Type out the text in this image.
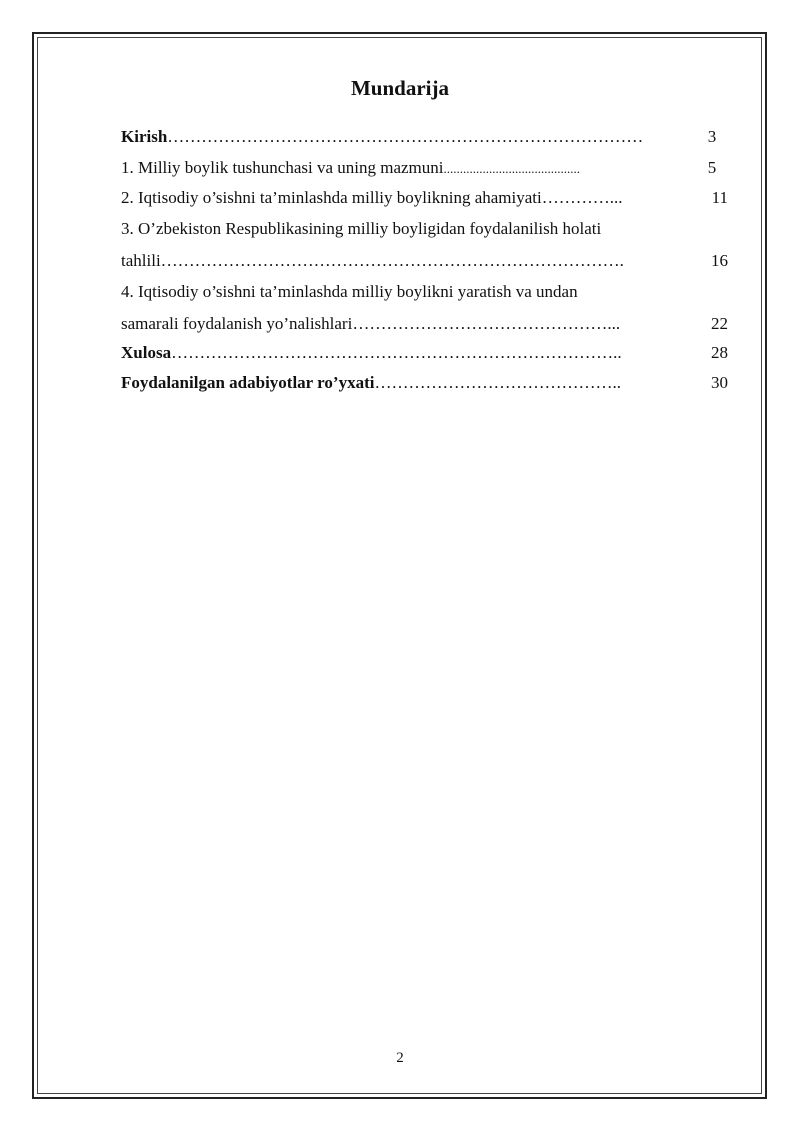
Mundarija
Kirish…………………………………………………………………………	3
1. Milliy boylik tushunchasi va uning mazmuni..........................................	5
2. Iqtisodiy o’sishni ta’minlashda milliy boylikning ahamiyati…………...	11
3. O’zbekiston Respublikasining milliy boyligidan foydalanilish holati
tahlili……………………………………………………………………….	16
4. Iqtisodiy o’sishni ta’minlashda milliy boylikni yaratish va undan
samarali foydalanish yo’nalishlari………………………………………...	22
Xulosa……………………………………………………………………..	28
Foydalanilgan adabiyotlar ro’yxati……………………………………..	30
2
